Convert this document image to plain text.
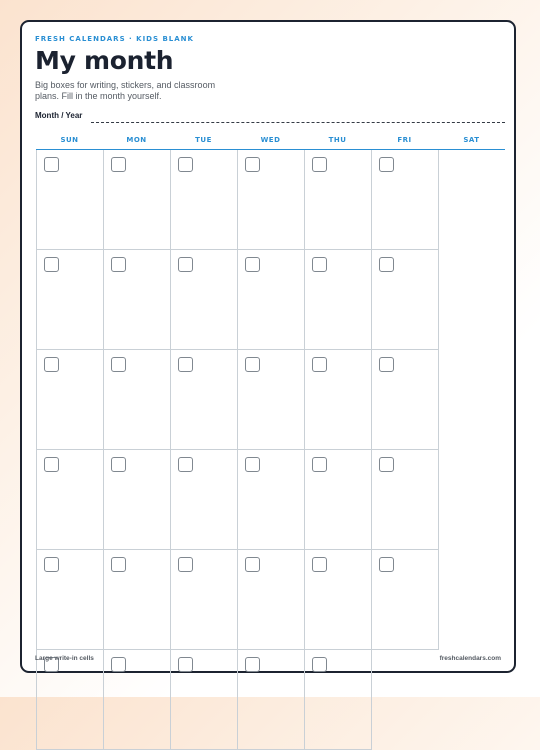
FRESH CALENDARS · KIDS BLANK
My month
Big boxes for writing, stickers, and classroom plans. Fill in the month yourself.
Month / Year
SUN	MON	TUE	WED	THU	FRI	SAT
Large write-in cells	freshcalendars.com
